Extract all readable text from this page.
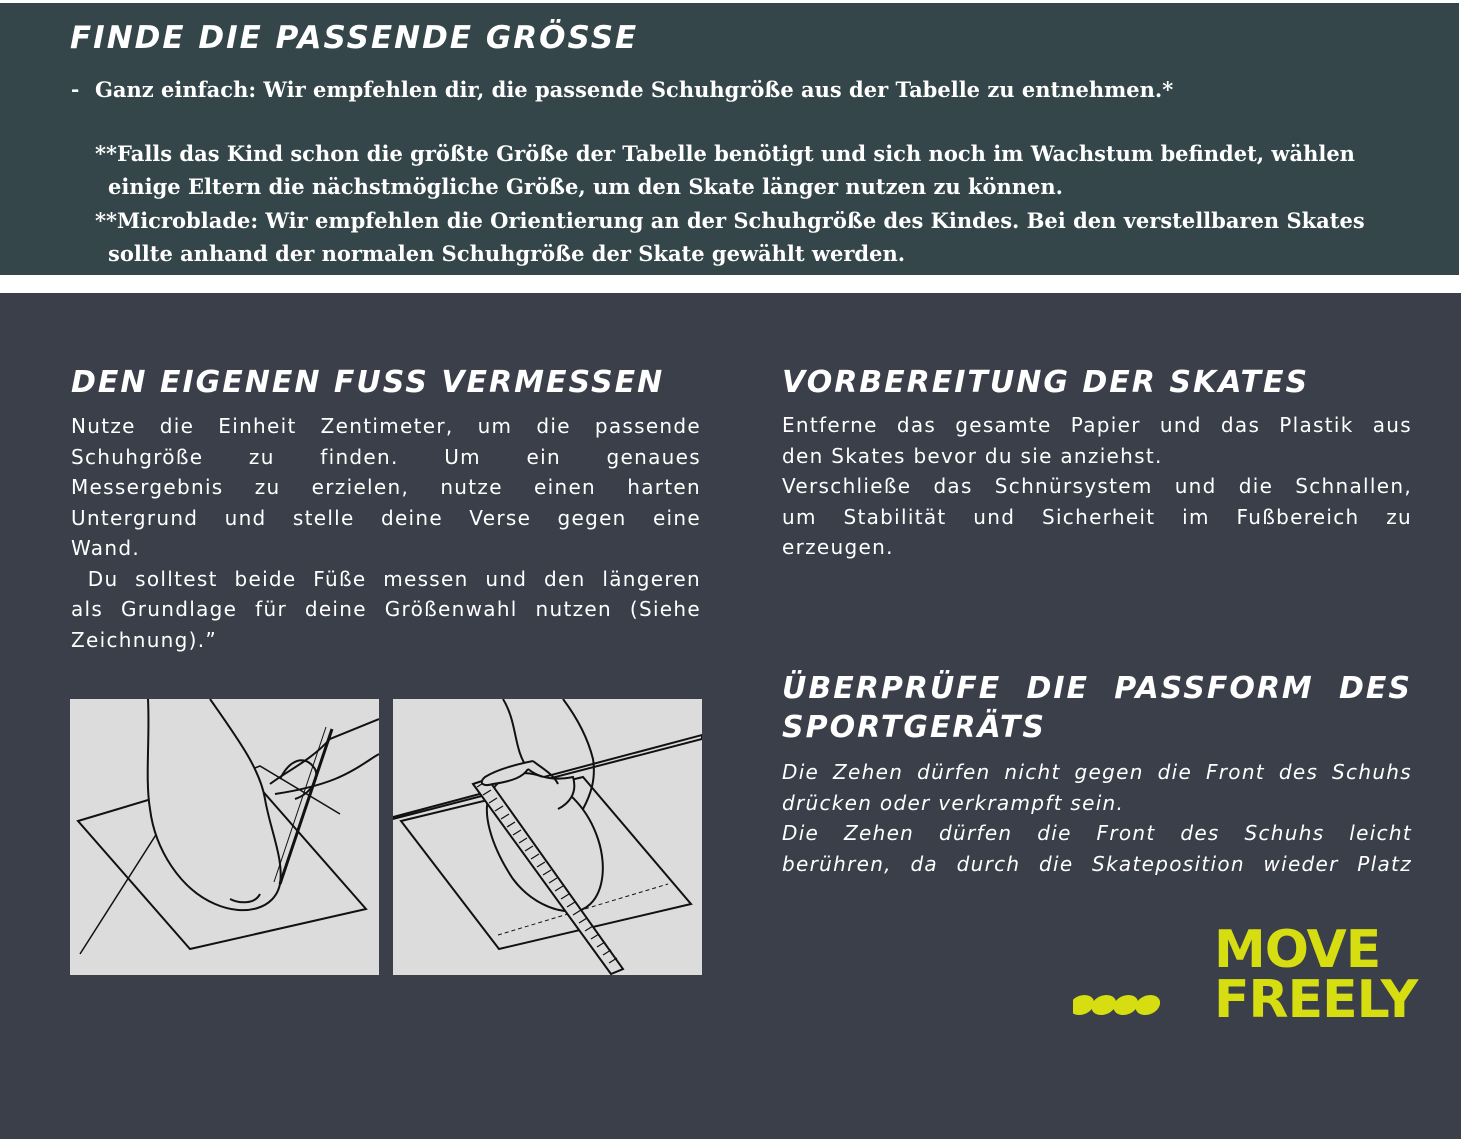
FINDE DIE PASSENDE GRÖSSE

- Ganz einfach: Wir empfehlen dir, die passende Schuhgröße aus der Tabelle zu entnehmen.*

**Falls das Kind schon die größte Größe der Tabelle benötigt und sich noch im Wachstum befindet, wählen

einige Eltern die nächstmögliche Größe, um den Skate länger nutzen zu können.

**Microblade: Wir empfehlen die Orientierung an der Schuhgröße des Kindes. Bei den verstellbaren Skates

sollte anhand der normalen Schuhgröße der Skate gewählt werden.

DEN EIGENEN FUSS VERMESSEN
Nutze die Einheit Zentimeter, um die passende
Schuhgröße zu finden. Um ein genaues
Messergebnis zu erzielen, nutze einen harten
Untergrund und stelle deine Verse gegen eine
Wand.
Du solltest beide Füße messen und den längeren
als Grundlage für deine Größenwahl nutzen (Siehe
Zeichnung).”
VORBEREITUNG DER SKATES
Entferne das gesamte Papier und das Plastik aus
den Skates bevor du sie anziehst.
Verschließe das Schnürsystem und die Schnallen,
um Stabilität und Sicherheit im Fußbereich zu
erzeugen.
ÜBERPRÜFE DIE PASSFORM DES
SPORTGERÄTS
Die Zehen dürfen nicht gegen die Front des Schuhs
drücken oder verkrampft sein.
Die Zehen dürfen die Front des Schuhs leicht
berühren, da durch die Skateposition wieder Platz

MOVE

FREELY
